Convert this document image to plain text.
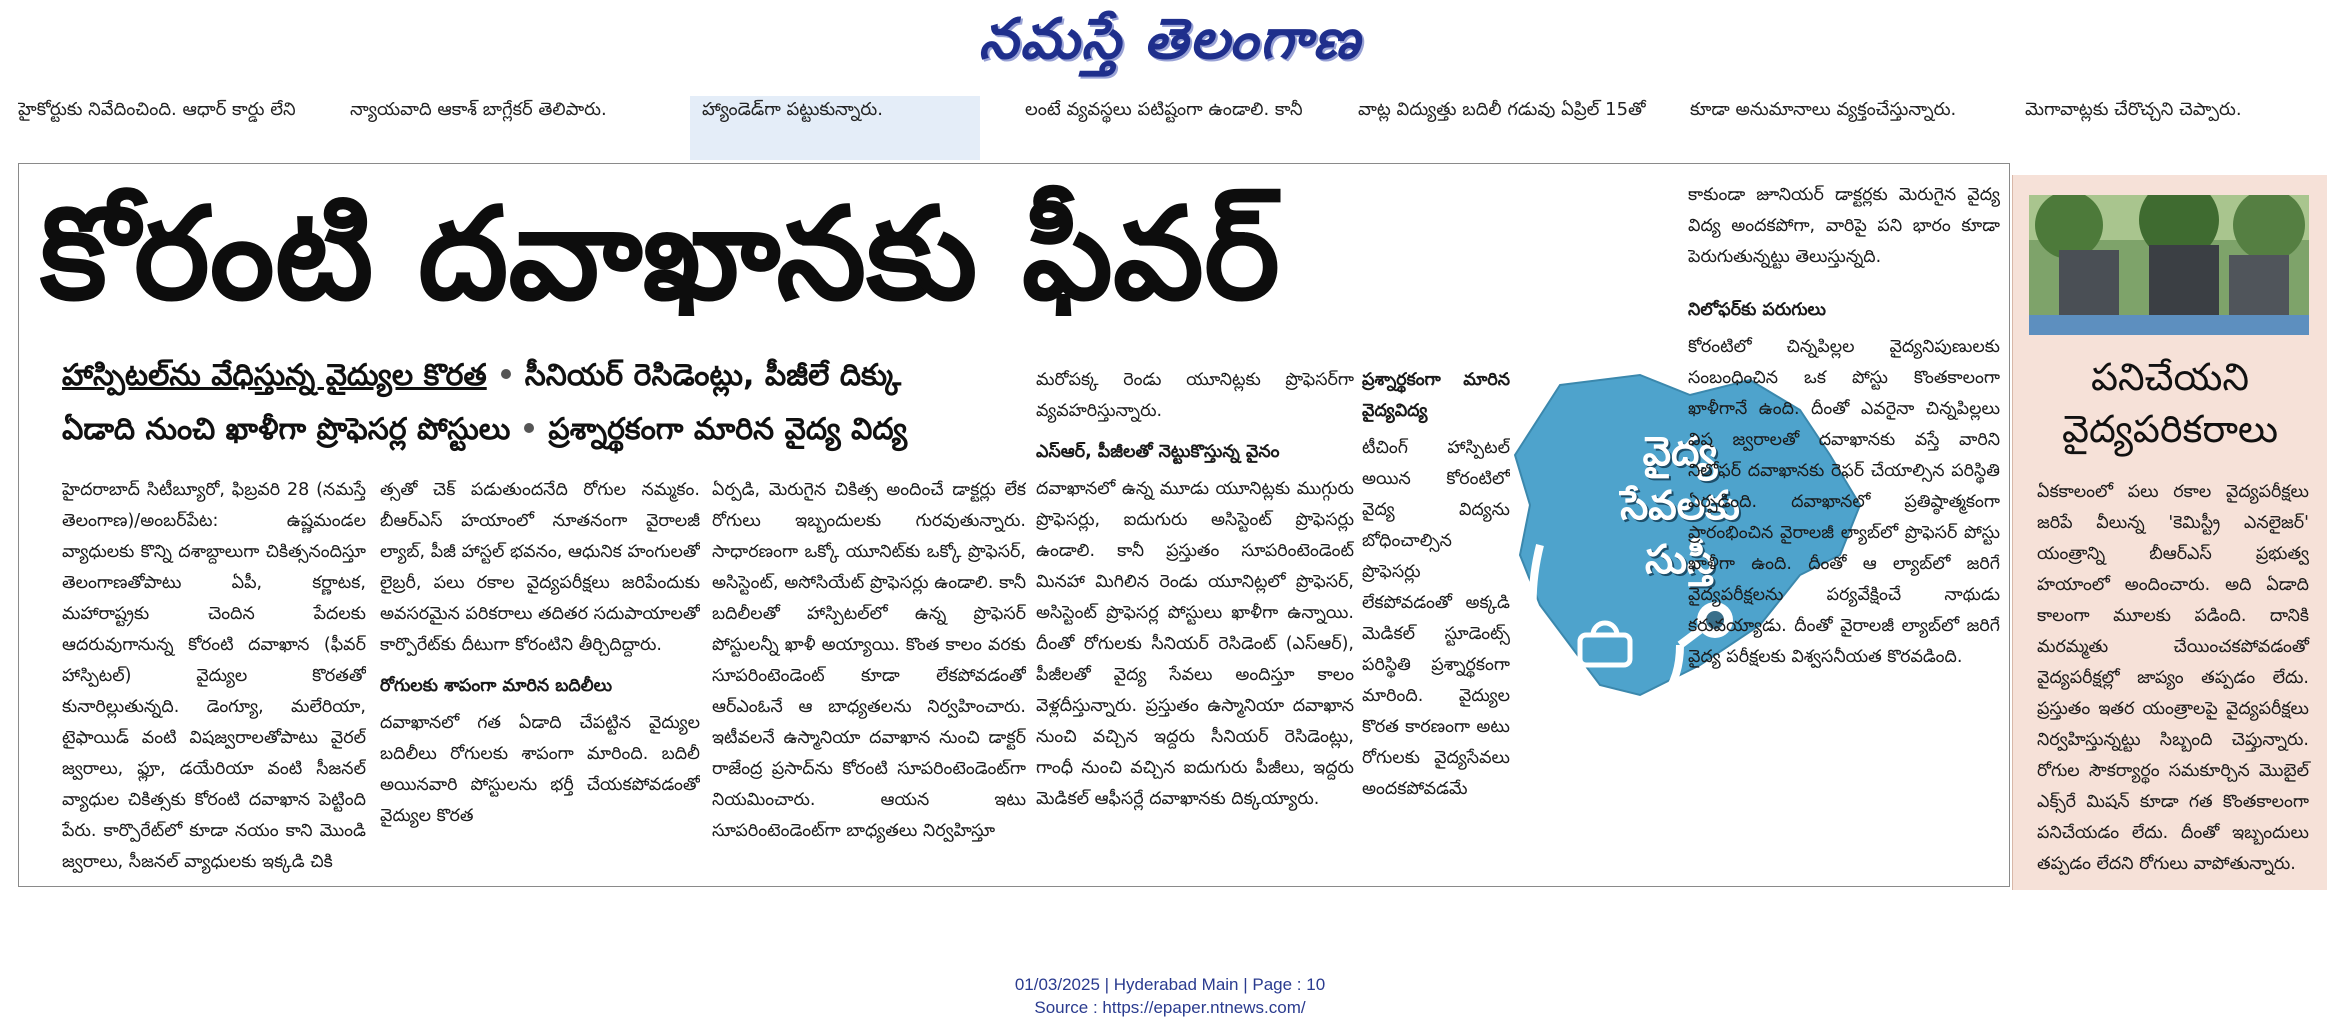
నమస్తే తెలంగాణ
హైకోర్టుకు నివేదించింది. ఆధార్ కార్డు లేని	న్యాయవాది ఆకాశ్ బాగ్లేకర్ తెలిపారు.	హ్యాండెడ్‌గా పట్టుకున్నారు.	లంటే వ్యవస్థలు పటిష్టంగా ఉండాలి. కానీ	వాట్ల విద్యుత్తు బదిలీ గడువు ఏప్రిల్ 15తో	కూడా అనుమానాలు వ్యక్తంచేస్తున్నారు.	మెగావాట్లకు చేరొచ్చని చెప్పారు.
కోరంటి దవాఖానకు ఫీవర్
హాస్పిటల్‌ను వేధిస్తున్న వైద్యుల కొరత సీనియర్ రెసిడెంట్లు, పీజీలే దిక్కు
ఏడాది నుంచి ఖాళీగా ప్రొఫెసర్ల పోస్టులు ప్రశ్నార్థకంగా మారిన వైద్య విద్య
హైదరాబాద్ సిటీబ్యూరో, ఫిబ్రవరి 28 (నమస్తే తెలంగాణ)/అంబర్‌పేట: ఉష్ణమండల వ్యాధులకు కొన్ని దశాబ్దాలుగా చికిత్సనందిస్తూ తెలంగాణతోపాటు ఏపీ, కర్ణాటక, మహారాష్ట్రకు చెందిన పేదలకు ఆదరువుగానున్న కోరంటి దవాఖాన (ఫీవర్ హాస్పిటల్) వైద్యుల కొరతతో కునారిల్లుతున్నది. డెంగ్యూ, మలేరియా, టైఫాయిడ్ వంటి విషజ్వరాలతోపాటు వైరల్ జ్వరాలు, ఫ్లూ, డయేరియా వంటి సీజనల్ వ్యాధుల చికిత్సకు కోరంటి దవాఖాన పెట్టింది పేరు. కార్పొరేట్‌లో కూడా నయం కాని మొండి జ్వరాలు, సీజనల్ వ్యాధులకు ఇక్కడి చికి
త్సతో చెక్ పడుతుందనేది రోగుల నమ్మకం. బీఆర్‌ఎస్ హయాంలో నూతనంగా వైరాలజీ ల్యాబ్, పీజీ హాస్టల్ భవనం, ఆధునిక హంగులతో లైబ్రరీ, పలు రకాల వైద్యపరీక్షలు జరిపేందుకు అవసరమైన పరికరాలు తదితర సదుపాయాలతో కార్పొరేట్‌కు దీటుగా కోరంటిని తీర్చిదిద్దారు.
రోగులకు శాపంగా మారిన బదిలీలు
దవాఖానలో గత ఏడాది చేపట్టిన వైద్యుల బదిలీలు రోగులకు శాపంగా మారింది. బదిలీ అయినవారి పోస్టులను భర్తీ చేయకపోవడంతో వైద్యుల కొరత
ఏర్పడి, మెరుగైన చికిత్స అందించే డాక్టర్లు లేక రోగులు ఇబ్బందులకు గురవుతున్నారు. సాధారణంగా ఒక్కో యూనిట్‌కు ఒక్కో ప్రొఫెసర్, అసిస్టెంట్, అసోసియేట్ ప్రొఫెసర్లు ఉండాలి. కానీ బదిలీలతో హాస్పిటల్‌లో ఉన్న ప్రొఫెసర్ పోస్టులన్నీ ఖాళీ అయ్యాయి. కొంత కాలం వరకు సూపరింటెండెంట్ కూడా లేకపోవడంతో ఆర్‌ఎంఓనే ఆ బాధ్యతలను నిర్వహించారు. ఇటీవలనే ఉస్మానియా దవాఖాన నుంచి డాక్టర్ రాజేంద్ర ప్రసాద్‌ను కోరంటి సూపరింటెండెంట్‌గా నియమించారు. ఆయన ఇటు సూపరింటెండెంట్‌గా బాధ్యతలు నిర్వహిస్తూ
మరోపక్క రెండు యూనిట్లకు ప్రొఫెసర్‌గా వ్యవహరిస్తున్నారు.
ఎస్‌ఆర్, పీజీలతో నెట్టుకొస్తున్న వైనం
దవాఖానలో ఉన్న మూడు యూనిట్లకు ముగ్గురు ప్రొఫెసర్లు, ఐదుగురు అసిస్టెంట్ ప్రొఫెసర్లు ఉండాలి. కానీ ప్రస్తుతం సూపరింటెండెంట్ మినహా మిగిలిన రెండు యూనిట్లలో ప్రొఫెసర్, అసిస్టెంట్ ప్రొఫెసర్ల పోస్టులు ఖాళీగా ఉన్నాయి. దీంతో రోగులకు సీనియర్ రెసిడెంట్ (ఎస్‌ఆర్), పీజీలతో వైద్య సేవలు అందిస్తూ కాలం వెళ్లదీస్తున్నారు. ప్రస్తుతం ఉస్మానియా దవాఖాన నుంచి వచ్చిన ఇద్దరు సీనియర్ రెసిడెంట్లు, గాంధీ నుంచి వచ్చిన ఐదుగురు పీజీలు, ఇద్దరు మెడికల్ ఆఫీసర్లే దవాఖానకు దిక్కయ్యారు.
ప్రశ్నార్థకంగా మారిన వైద్యవిద్య
టీచింగ్ హాస్పిటల్ అయిన కోరంటిలో వైద్య విద్యను బోధించాల్సిన ప్రొఫెసర్లు లేకపోవడంతో అక్కడి మెడికల్ స్టూడెంట్స్ పరిస్థితి ప్రశ్నార్థకంగా మారింది. వైద్యుల కొరత కారణంగా అటు రోగులకు వైద్యసేవలు అందకపోవడమే
వైద్య
సేవలకు
సుస్తీ
కాకుండా జూనియర్ డాక్టర్లకు మెరుగైన వైద్య విద్య అందకపోగా, వారిపై పని భారం కూడా పెరుగుతున్నట్టు తెలుస్తున్నది.
నిలోఫర్‌కు పరుగులు
కోరంటిలో చిన్నపిల్లల వైద్యనిపుణులకు సంబంధించిన ఒక పోస్టు కొంతకాలంగా ఖాళీగానే ఉంది. దీంతో ఎవరైనా చిన్నపిల్లలు విష జ్వరాలతో దవాఖానకు వస్తే వారిని నిలోఫర్ దవాఖానకు రెఫర్ చేయాల్సిన పరిస్థితి ఏర్పడింది. దవాఖానలో ప్రతిష్ఠాత్మకంగా ప్రారంభించిన వైరాలజీ ల్యాబ్‌లో ప్రొఫెసర్ పోస్టు ఖాళీగా ఉంది. దీంతో ఆ ల్యాబ్‌లో జరిగే వైద్యపరీక్షలను పర్యవేక్షించే నాథుడు కరువయ్యాడు. దీంతో వైరాలజీ ల్యాబ్‌లో జరిగే వైద్య పరీక్షలకు విశ్వసనీయత కొరవడింది.
పనిచేయని వైద్యపరికరాలు
ఏకకాలంలో పలు రకాల వైద్యపరీక్షలు జరిపే వీలున్న 'కెమిస్ట్రీ ఎనలైజర్' యంత్రాన్ని బీఆర్‌ఎస్ ప్రభుత్వ హయాంలో అందించారు. అది ఏడాది కాలంగా మూలకు పడింది. దానికి మరమ్మతు చేయించకపోవడంతో వైద్యపరీక్షల్లో జాప్యం తప్పడం లేదు. ప్రస్తుతం ఇతర యంత్రాలపై వైద్యపరీక్షలు నిర్వహిస్తున్నట్టు సిబ్బంది చెప్తున్నారు. రోగుల సౌకర్యార్థం సమకూర్చిన మొబైల్ ఎక్స్‌రే మిషన్ కూడా గత కొంతకాలంగా పనిచేయడం లేదు. దీంతో ఇబ్బందులు తప్పడం లేదని రోగులు వాపోతున్నారు.
01/03/2025 | Hyderabad Main | Page : 10
Source : https://epaper.ntnews.com/
